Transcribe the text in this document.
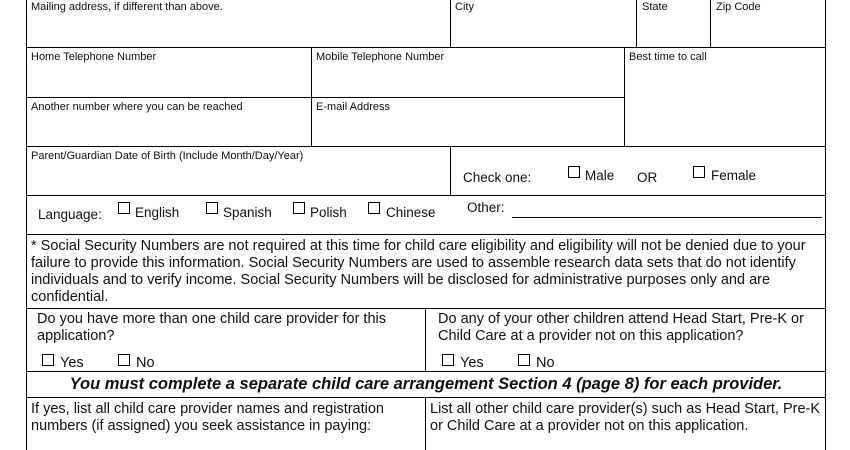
Mailing address, if different than above.	City	State	Zip Code
Home Telephone Number	Mobile Telephone Number	Best time to call
Another number where you can be reached	E-mail Address
Parent/Guardian Date of Birth (Include Month/Day/Year)
Check one:	Male OR	Female
Language: English	Spanish	Polish	Chinese Other:
* Social Security Numbers are not required at this time for child care eligibility and eligibility will not be denied due to your failure to provide this information. Social Security Numbers are used to assemble research data sets that do not identify individuals and to verify income. Social Security Numbers will be disclosed for administrative purposes only and are confidential.
Do you have more than one child care provider for this application?
Yes	No
Do any of your other children attend Head Start, Pre-K or Child Care at a provider not on this application?
Yes	No
You must complete a separate child care arrangement Section 4 (page 8) for each provider.
If yes, list all child care provider names and registration numbers (if assigned) you seek assistance in paying:
List all other child care provider(s) such as Head Start, Pre-K or Child Care at a provider not on this application.
